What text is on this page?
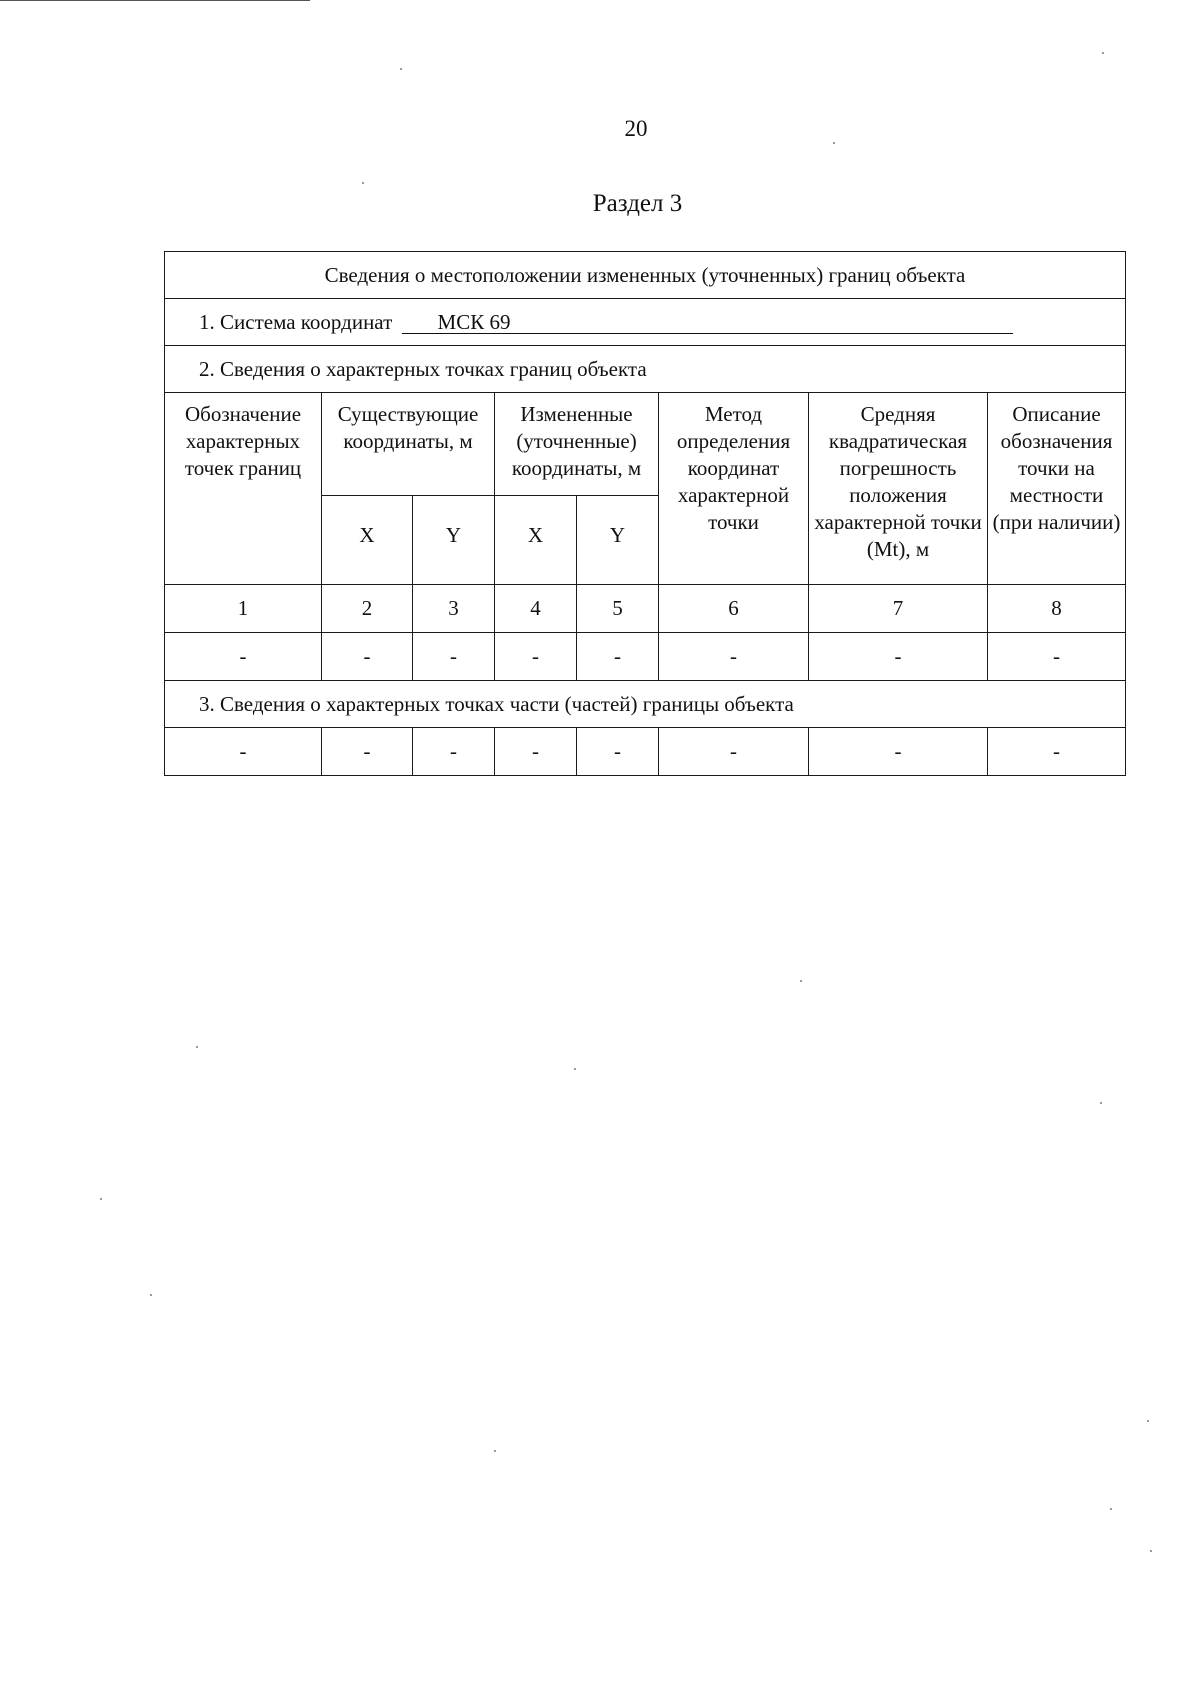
20
Раздел 3
Сведения о местоположении измененных (уточненных) границ объекта							
1. Система координат МСК 69							
2. Сведения о характерных точках границ объекта							
Обозначение характерных точек границ	Существующие координаты, м		Измененные (уточненные) координаты, м		Метод определения координат характерной точки	Средняя квадратическая погрешность положения характерной точки (Mt), м	Описание обозначения точки на местности (при наличии)
	X	Y	X	Y			
1	2	3	4	5	6	7	8
-	-	-	-	-	-	-	-
3. Сведения о характерных точках части (частей) границы объекта							
-	-	-	-	-	-	-	-
